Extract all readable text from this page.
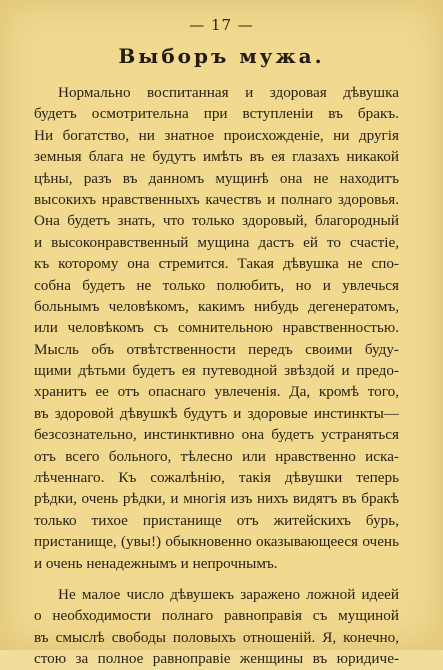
— 17 —
Выборъ мужа.
Нормально воспитанная и здоровая дѣвушка
будетъ осмотрительна при вступленіи въ бракъ.
Ни богатство, ни знатное происхожденіе, ни другія
земныя блага не будутъ имѣть въ ея глазахъ никакой
цѣны, разъ въ данномъ мущинѣ она не находитъ
высокихъ нравственныхъ качествъ и полнаго здоровья.
Она будетъ знать, что только здоровый, благородный
и высоконравственный мущина дастъ ей то счастіе,
къ которому она стремится. Такая дѣвушка не спо-
собна будетъ не только полюбить, но и увлечься
больнымъ человѣкомъ, какимъ нибудь дегенератомъ,
или человѣкомъ съ сомнительною нравственностью.
Мысль объ отвѣтственности передъ своими буду-
щими дѣтьми будетъ ея путеводной звѣздой и предо-
хранитъ ее отъ опаснаго увлеченія. Да, кромѣ того,
въ здоровой дѣвушкѣ будутъ и здоровые инстинкты—
безсознательно, инстинктивно она будетъ устраняться
отъ всего больного, тѣлесно или нравственно иска-
лѣченнаго. Къ сожалѣнію, такія дѣвушки теперь
рѣдки, очень рѣдки, и многія изъ нихъ видятъ въ бракѣ
только тихое пристанище отъ житейскихъ бурь,
пристанище, (увы!) обыкновенно оказывающееся очень
и очень ненадежнымъ и непрочнымъ.
Не малое число дѣвушекъ заражено ложной идеей
о необходимости полнаго равноправія съ мущиной
въ смыслѣ свободы половыхъ отношеній. Я, конечно,
стою за полное равноправіе женщины въ юридиче-
